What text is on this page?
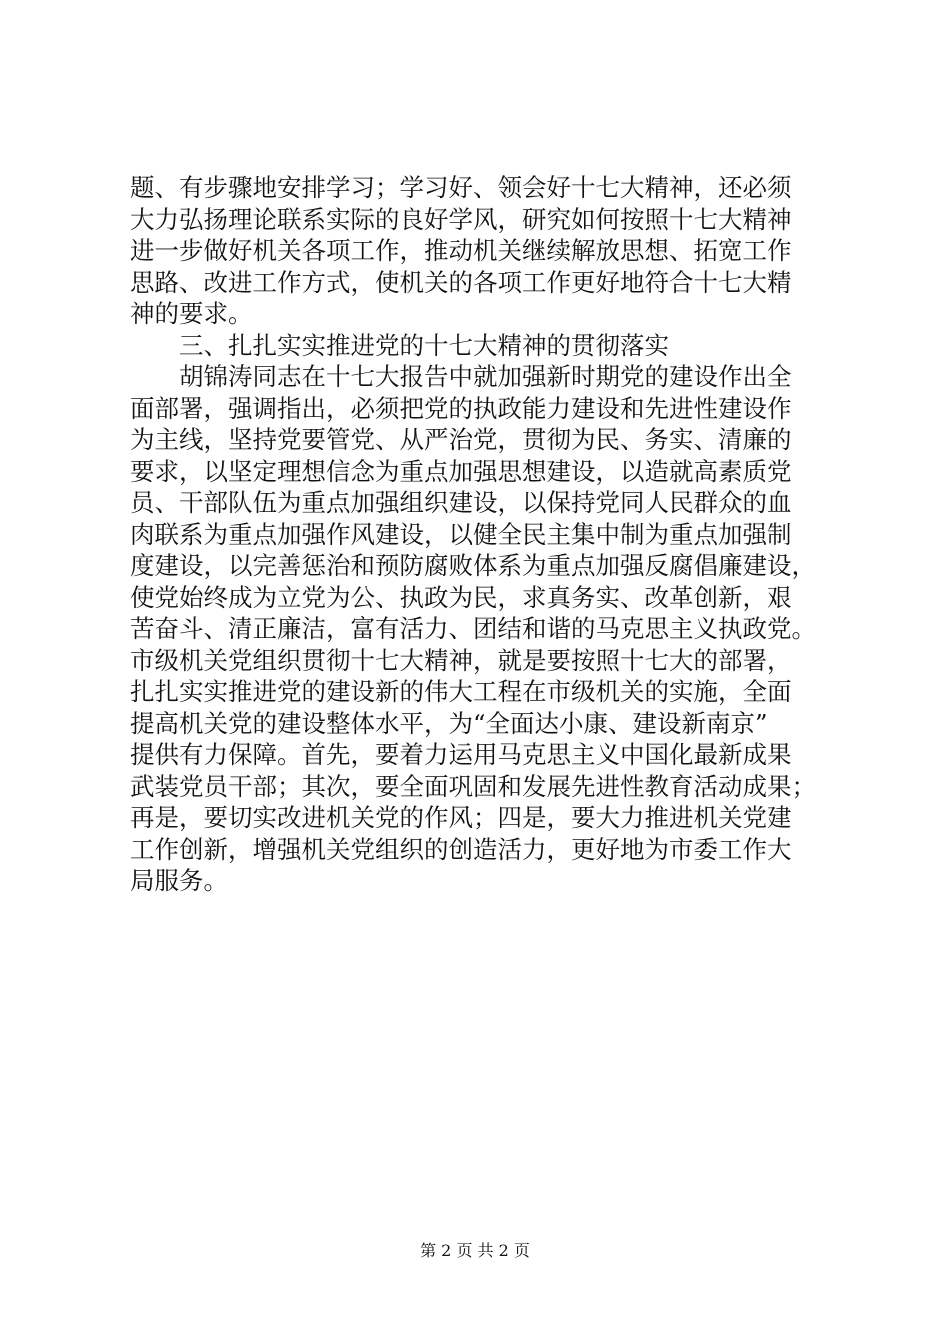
题、有步骤地安排学习；学习好、领会好十七大精神，还必须
大力弘扬理论联系实际的良好学风，研究如何按照十七大精神
进一步做好机关各项工作，推动机关继续解放思想、拓宽工作
思路、改进工作方式，使机关的各项工作更好地符合十七大精
神的要求。
三、扎扎实实推进党的十七大精神的贯彻落实
胡锦涛同志在十七大报告中就加强新时期党的建设作出全
面部署，强调指出，必须把党的执政能力建设和先进性建设作
为主线，坚持党要管党、从严治党，贯彻为民、务实、清廉的
要求，以坚定理想信念为重点加强思想建设，以造就高素质党
员、干部队伍为重点加强组织建设，以保持党同人民群众的血
肉联系为重点加强作风建设，以健全民主集中制为重点加强制
度建设，以完善惩治和预防腐败体系为重点加强反腐倡廉建设，
使党始终成为立党为公、执政为民，求真务实、改革创新，艰
苦奋斗、清正廉洁，富有活力、团结和谐的马克思主义执政党。
市级机关党组织贯彻十七大精神，就是要按照十七大的部署，
扎扎实实推进党的建设新的伟大工程在市级机关的实施，全面
提高机关党的建设整体水平，为“全面达小康、建设新南京”
提供有力保障。首先，要着力运用马克思主义中国化最新成果
武装党员干部；其次，要全面巩固和发展先进性教育活动成果；
再是，要切实改进机关党的作风；四是，要大力推进机关党建
工作创新，增强机关党组织的创造活力，更好地为市委工作大
局服务。
第 2 页 共 2 页
